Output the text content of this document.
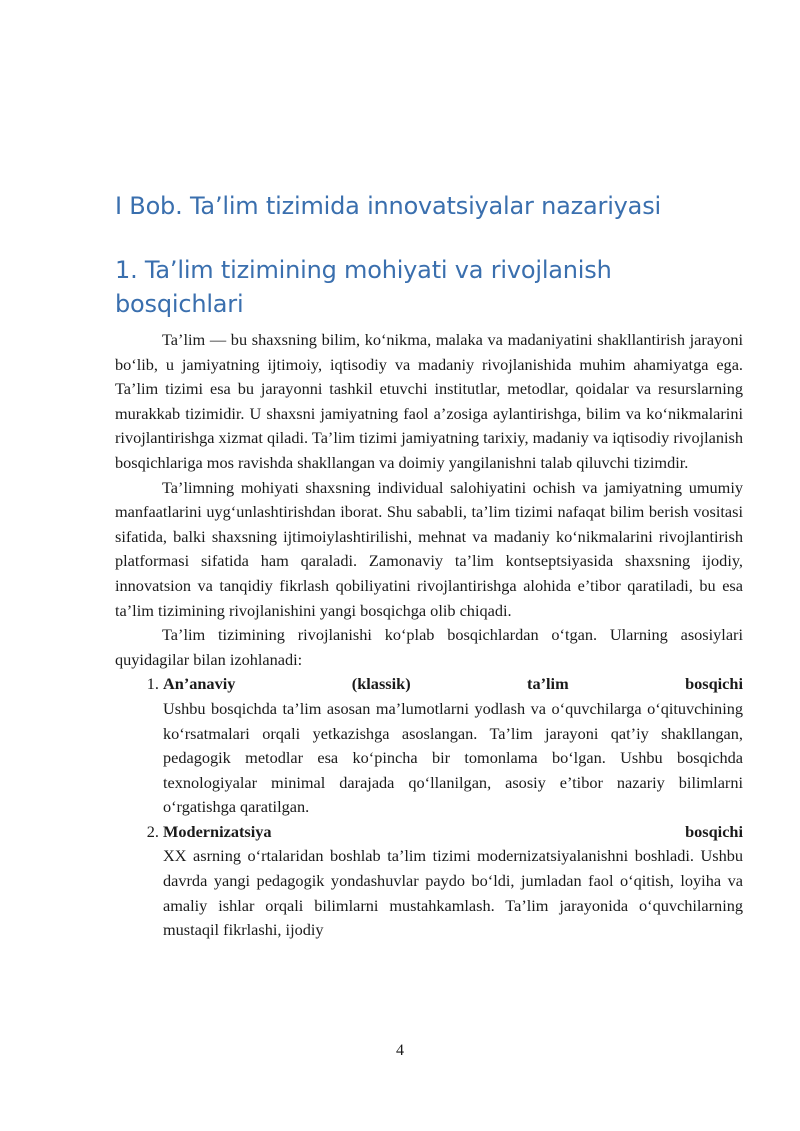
I Bob. Ta’lim tizimida innovatsiyalar nazariyasi
1. Ta’lim tizimining mohiyati va rivojlanish bosqichlari

Ta’lim — bu shaxsning bilim, ko‘nikma, malaka va madaniyatini shakllantirish jarayoni bo‘lib, u jamiyatning ijtimoiy, iqtisodiy va madaniy rivojlanishida muhim ahamiyatga ega. Ta’lim tizimi esa bu jarayonni tashkil etuvchi institutlar, metodlar, qoidalar va resurslarning murakkab tizimidir. U shaxsni jamiyatning faol a’zosiga aylantirishga, bilim va ko‘nikmalarini rivojlantirishga xizmat qiladi. Ta’lim tizimi jamiyatning tarixiy, madaniy va iqtisodiy rivojlanish bosqichlariga mos ravishda shakllangan va doimiy yangilanishni talab qiluvchi tizimdir.

Ta’limning mohiyati shaxsning individual salohiyatini ochish va jamiyatning umumiy manfaatlarini uyg‘unlashtirishdan iborat. Shu sababli, ta’lim tizimi nafaqat bilim berish vositasi sifatida, balki shaxsning ijtimoiylashtirilishi, mehnat va madaniy ko‘nikmalarini rivojlantirish platformasi sifatida ham qaraladi. Zamonaviy ta’lim kontseptsiyasida shaxsning ijodiy, innovatsion va tanqidiy fikrlash qobiliyatini rivojlantirishga alohida e’tibor qaratiladi, bu esa ta’lim tizimining rivojlanishini yangi bosqichga olib chiqadi.

Ta’lim tizimining rivojlanishi ko‘plab bosqichlardan o‘tgan. Ularning asosiylari quyidagilar bilan izohlanadi:

1. An’anaviy (klassik) ta’lim bosqichi
Ushbu bosqichda ta’lim asosan ma’lumotlarni yodlash va o‘quvchilarga o‘qituvchining ko‘rsatmalari orqali yetkazishga asoslangan. Ta’lim jarayoni qat’iy shakllangan, pedagogik metodlar esa ko‘pincha bir tomonlama bo‘lgan. Ushbu bosqichda texnologiyalar minimal darajada qo‘llanilgan, asosiy e’tibor nazariy bilimlarni o‘rgatishga qaratilgan.
2. Modernizatsiya bosqichi
XX asrning o‘rtalaridan boshlab ta’lim tizimi modernizatsiyalanishni boshladi. Ushbu davrda yangi pedagogik yondashuvlar paydo bo‘ldi, jumladan faol o‘qitish, loyiha va amaliy ishlar orqali bilimlarni mustahkamlash. Ta’lim jarayonida o‘quvchilarning mustaqil fikrlashi, ijodiy
4
